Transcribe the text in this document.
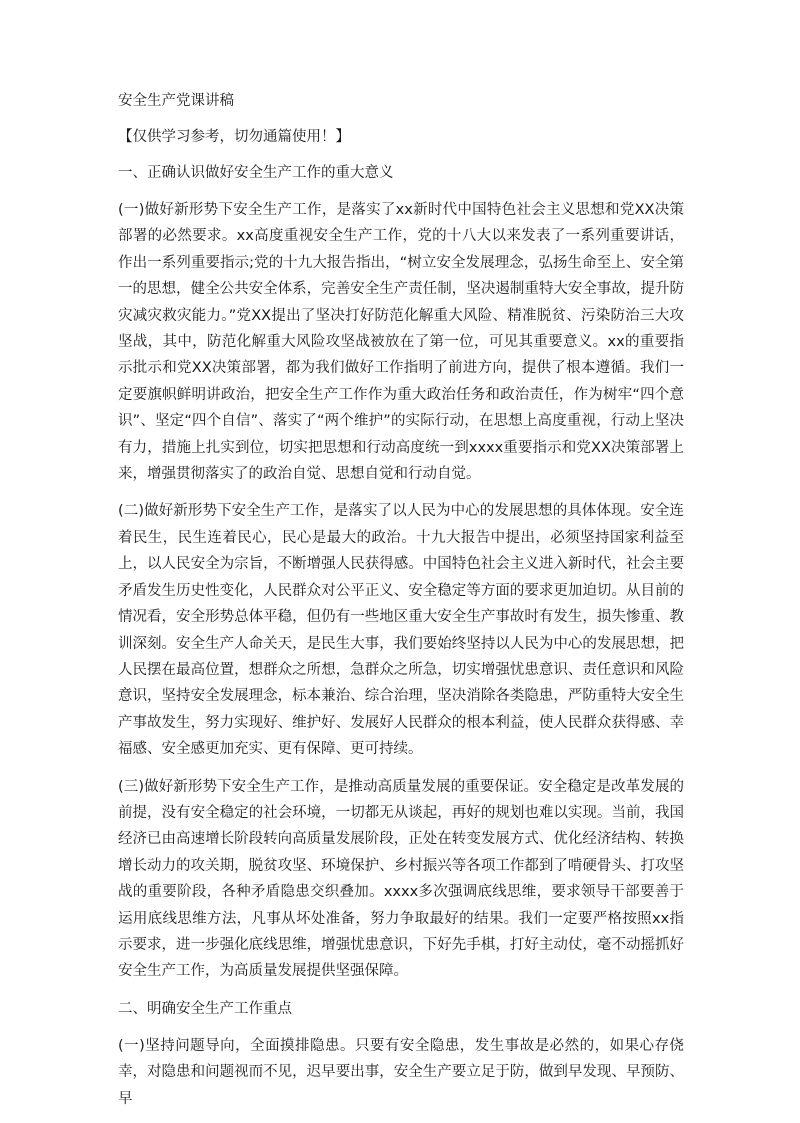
安全生产党课讲稿

【仅供学习参考，切勿通篇使用！】

一、正确认识做好安全生产工作的重大意义

(一)做好新形势下安全生产工作，是落实了xx新时代中国特色社会主义思想和党XX决策部署的必然要求。xx高度重视安全生产工作，党的十八大以来发表了一系列重要讲话，作出一系列重要指示;党的十九大报告指出，“树立安全发展理念，弘扬生命至上、安全第一的思想，健全公共安全体系，完善安全生产责任制，坚决遏制重特大安全事故，提升防灾减灾救灾能力。”党XX提出了坚决打好防范化解重大风险、精准脱贫、污染防治三大攻坚战，其中，防范化解重大风险攻坚战被放在了第一位，可见其重要意义。xx的重要指示批示和党XX决策部署，都为我们做好工作指明了前进方向，提供了根本遵循。我们一定要旗帜鲜明讲政治，把安全生产工作作为重大政治任务和政治责任，作为树牢“四个意识”、坚定“四个自信”、落实了“两个维护”的实际行动，在思想上高度重视，行动上坚决有力，措施上扎实到位，切实把思想和行动高度统一到xxxx重要指示和党XX决策部署上来，增强贯彻落实了的政治自觉、思想自觉和行动自觉。

(二)做好新形势下安全生产工作，是落实了以人民为中心的发展思想的具体体现。安全连着民生，民生连着民心，民心是最大的政治。十九大报告中提出，必须坚持国家利益至上，以人民安全为宗旨，不断增强人民获得感。中国特色社会主义进入新时代，社会主要矛盾发生历史性变化，人民群众对公平正义、安全稳定等方面的要求更加迫切。从目前的情况看，安全形势总体平稳，但仍有一些地区重大安全生产事故时有发生，损失惨重、教训深刻。安全生产人命关天，是民生大事，我们要始终坚持以人民为中心的发展思想，把人民摆在最高位置，想群众之所想，急群众之所急，切实增强忧患意识、责任意识和风险意识，坚持安全发展理念，标本兼治、综合治理，坚决消除各类隐患，严防重特大安全生产事故发生，努力实现好、维护好、发展好人民群众的根本利益，使人民群众获得感、幸福感、安全感更加充实、更有保障、更可持续。

(三)做好新形势下安全生产工作，是推动高质量发展的重要保证。安全稳定是改革发展的前提，没有安全稳定的社会环境，一切都无从谈起，再好的规划也难以实现。当前，我国经济已由高速增长阶段转向高质量发展阶段，正处在转变发展方式、优化经济结构、转换增长动力的攻关期，脱贫攻坚、环境保护、乡村振兴等各项工作都到了啃硬骨头、打攻坚战的重要阶段，各种矛盾隐患交织叠加。xxxx多次强调底线思维，要求领导干部要善于运用底线思维方法，凡事从坏处准备，努力争取最好的结果。我们一定要严格按照xx指示要求，进一步强化底线思维，增强忧患意识，下好先手棋，打好主动仗，毫不动摇抓好安全生产工作，为高质量发展提供坚强保障。

二、明确安全生产工作重点

(一)坚持问题导向，全面摸排隐患。只要有安全隐患，发生事故是必然的，如果心存侥幸，对隐患和问题视而不见，迟早要出事，安全生产要立足于防，做到早发现、早预防、早
